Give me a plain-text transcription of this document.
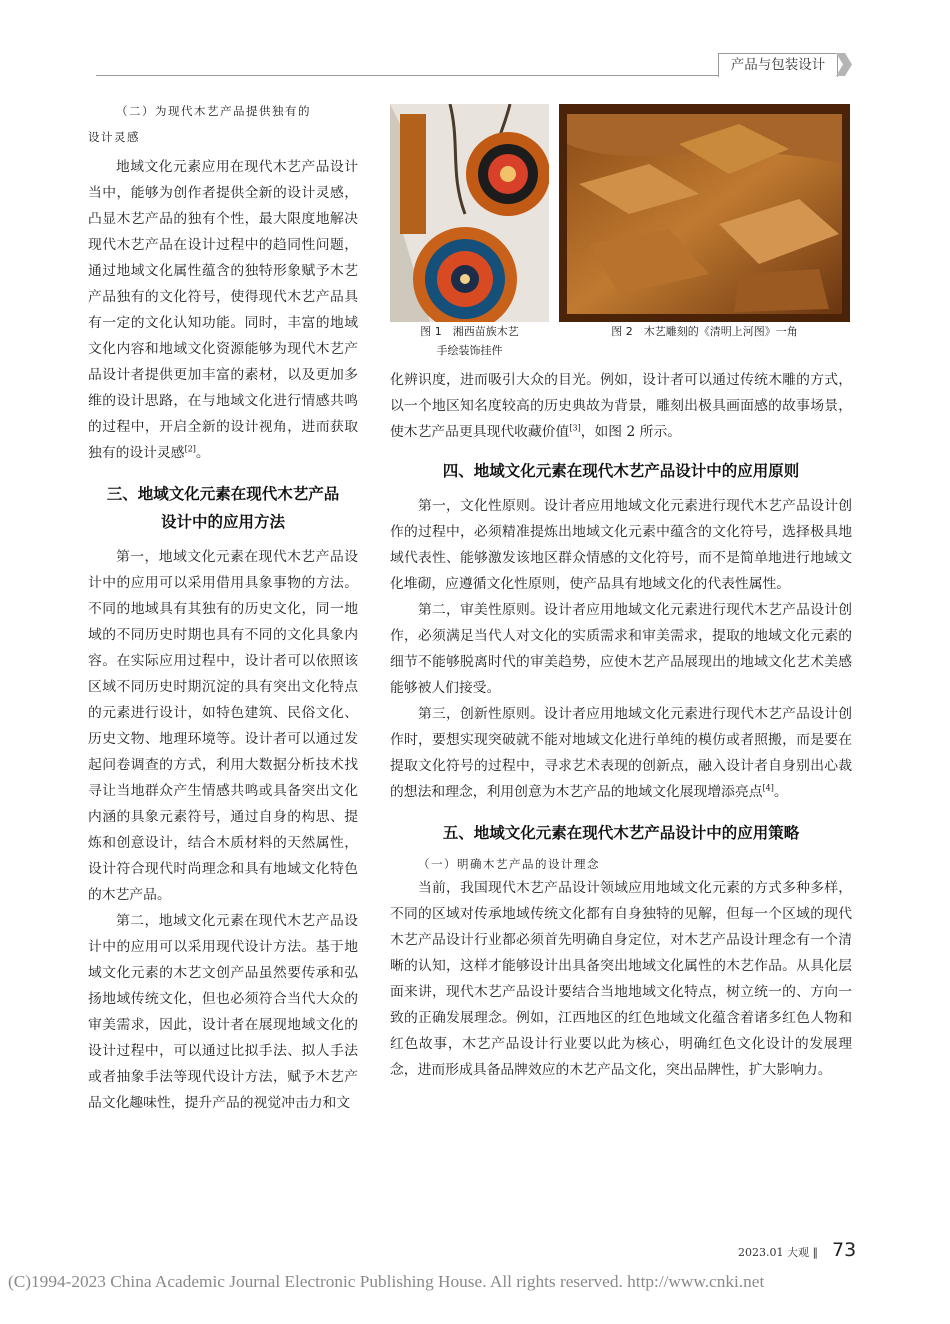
产品与包装设计

（二）为现代木艺产品提供独有的

设计灵感

地域文化元素应用在现代木艺产品设计当中，能够为创作者提供全新的设计灵感，凸显木艺产品的独有个性，最大限度地解决现代木艺产品在设计过程中的趋同性问题，通过地域文化属性蕴含的独特形象赋予木艺产品独有的文化符号，使得现代木艺产品具有一定的文化认知功能。同时，丰富的地域文化内容和地域文化资源能够为现代木艺产品设计者提供更加丰富的素材，以及更加多维的设计思路，在与地域文化进行情感共鸣的过程中，开启全新的设计视角，进而获取独有的设计灵感[2]。

三、地域文化元素在现代木艺产品

设计中的应用方法

第一，地域文化元素在现代木艺产品设计中的应用可以采用借用具象事物的方法。不同的地域具有其独有的历史文化，同一地域的不同历史时期也具有不同的文化具象内容。在实际应用过程中，设计者可以依照该区域不同历史时期沉淀的具有突出文化特点的元素进行设计，如特色建筑、民俗文化、历史文物、地理环境等。设计者可以通过发起问卷调查的方式，利用大数据分析技术找寻让当地群众产生情感共鸣或具备突出文化内涵的具象元素符号，通过自身的构思、提炼和创意设计，结合木质材料的天然属性，设计符合现代时尚理念和具有地域文化特色的木艺产品。

第二，地域文化元素在现代木艺产品设计中的应用可以采用现代设计方法。基于地域文化元素的木艺文创产品虽然要传承和弘扬地域传统文化，但也必须符合当代大众的审美需求，因此，设计者在展现地域文化的设计过程中，可以通过比拟手法、拟人手法或者抽象手法等现代设计方法，赋予木艺产品文化趣味性，提升产品的视觉冲击力和文

图 1　湘西苗族木艺
手绘装饰挂件
图 2　木艺雕刻的《清明上河图》一角

化辨识度，进而吸引大众的目光。例如，设计者可以通过传统木雕的方式，以一个地区知名度较高的历史典故为背景，雕刻出极具画面感的故事场景，使木艺产品更具现代收藏价值[3]，如图 2 所示。

四、地域文化元素在现代木艺产品设计中的应用原则

第一，文化性原则。设计者应用地域文化元素进行现代木艺产品设计创作的过程中，必须精准提炼出地域文化元素中蕴含的文化符号，选择极具地域代表性、能够激发该地区群众情感的文化符号，而不是简单地进行地域文化堆砌，应遵循文化性原则，使产品具有地域文化的代表性属性。

第二，审美性原则。设计者应用地域文化元素进行现代木艺产品设计创作，必须满足当代人对文化的实质需求和审美需求，提取的地域文化元素的细节不能够脱离时代的审美趋势，应使木艺产品展现出的地域文化艺术美感能够被人们接受。

第三，创新性原则。设计者应用地域文化元素进行现代木艺产品设计创作时，要想实现突破就不能对地域文化进行单纯的模仿或者照搬，而是要在提取文化符号的过程中，寻求艺术表现的创新点，融入设计者自身别出心裁的想法和理念，利用创意为木艺产品的地域文化展现增添亮点[4]。

五、地域文化元素在现代木艺产品设计中的应用策略

（一）明确木艺产品的设计理念

当前，我国现代木艺产品设计领域应用地域文化元素的方式多种多样，不同的区域对传承地域传统文化都有自身独特的见解，但每一个区域的现代木艺产品设计行业都必须首先明确自身定位，对木艺产品设计理念有一个清晰的认知，这样才能够设计出具备突出地域文化属性的木艺作品。从具化层面来讲，现代木艺产品设计要结合当地地域文化特点，树立统一的、方向一致的正确发展理念。例如，江西地区的红色地域文化蕴含着诸多红色人物和红色故事，木艺产品设计行业要以此为核心，明确红色文化设计的发展理念，进而形成具备品牌效应的木艺产品文化，突出品牌性，扩大影响力。

2023.01 大观 ‖ 73
(C)1994-2023 China Academic Journal Electronic Publishing House. All rights reserved. http://www.cnki.net
